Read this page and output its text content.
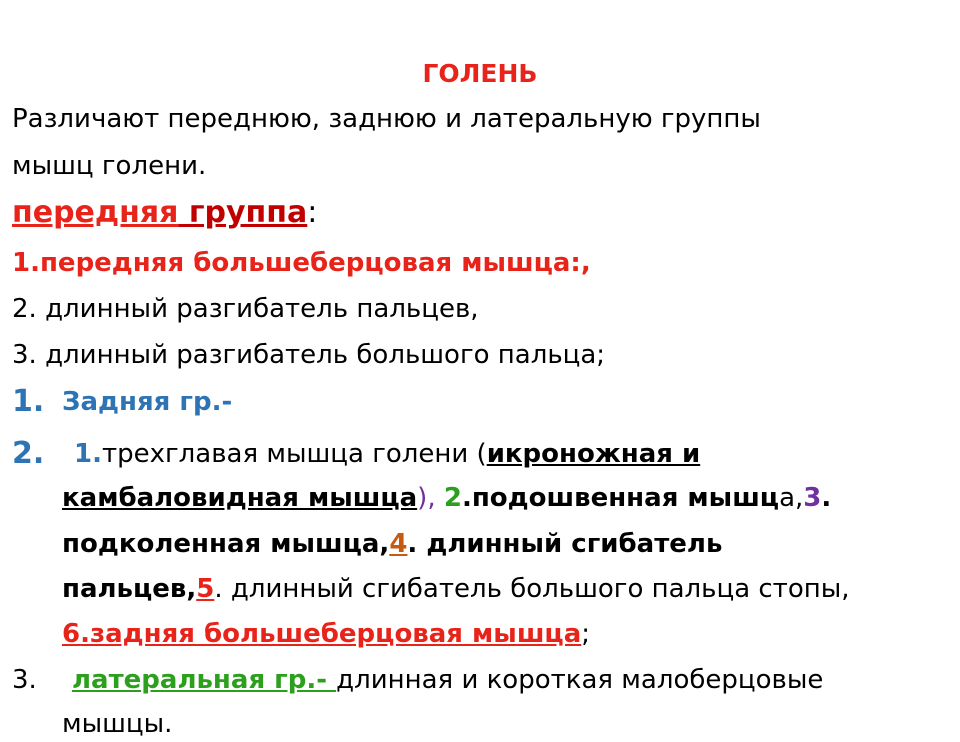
ГОЛЕНЬ
Различают переднюю, заднюю и латеральную группы
мышц голени.
передняя группа:
1.передняя большеберцовая мышца:,
2. длинный разгибатель пальцев,
3. длинный разгибатель большого пальца;
1. Задняя гр.-
2.	1.трехглавая мышца голени (икроножная и
камбаловидная мышца), 2.подошвенная мышца,3.
подколенная мышца,4. длинный сгибатель
пальцев,5. длинный сгибатель большого пальца стопы,
6.задняя большеберцовая мышца;
3.	латеральная гр.- длинная и короткая малоберцовые
мышцы.
